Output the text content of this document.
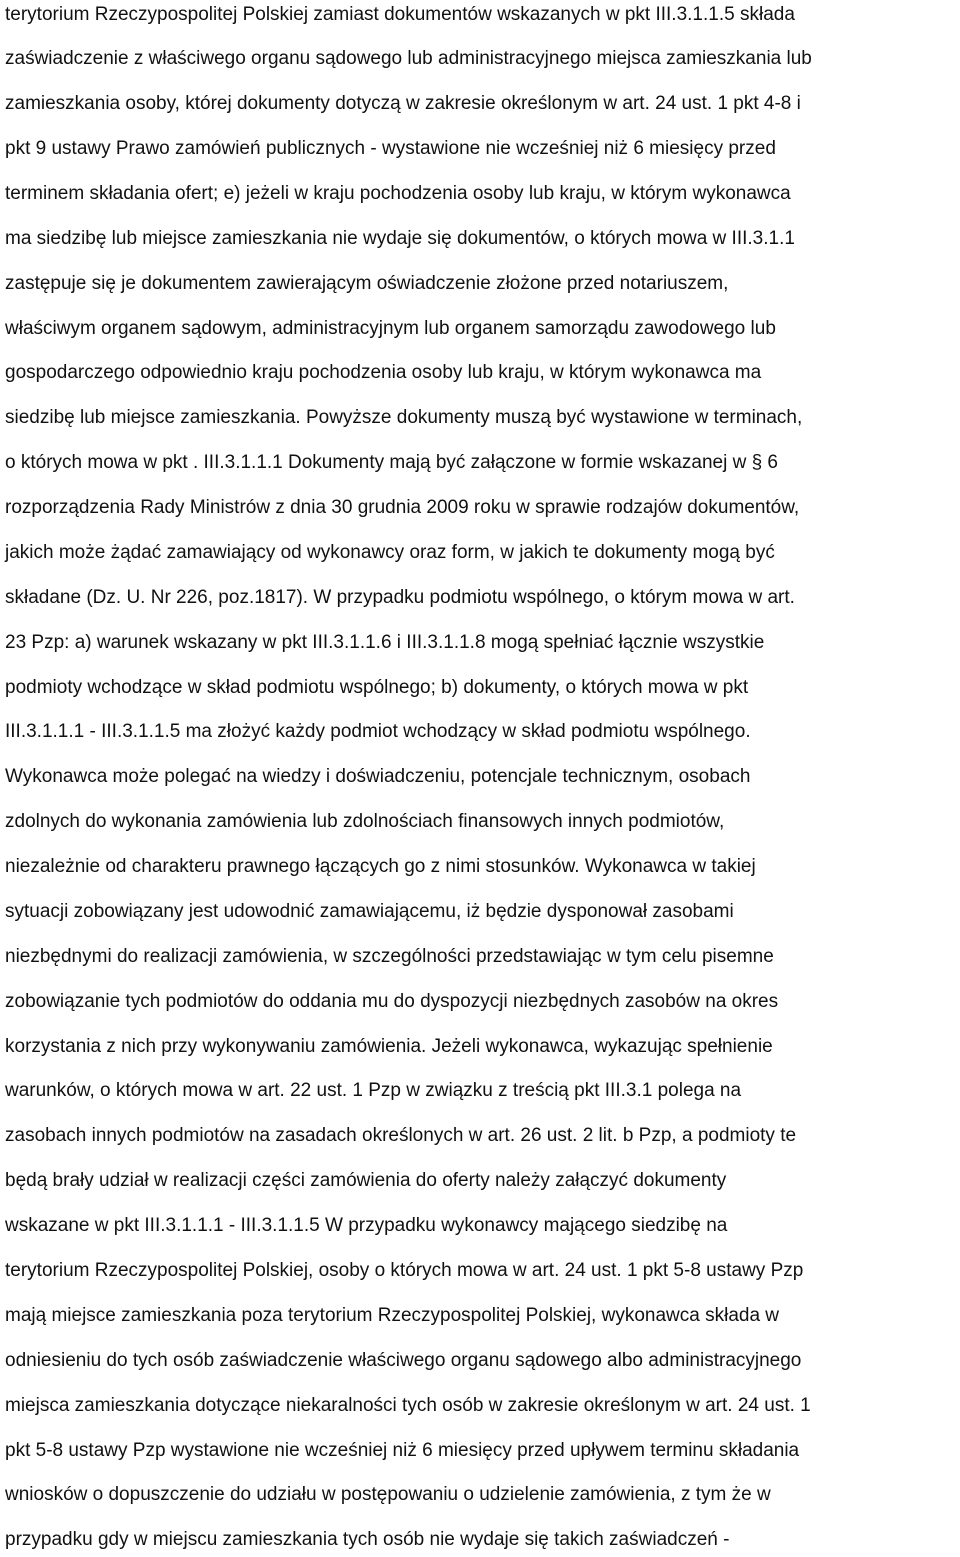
terytorium Rzeczypospolitej Polskiej zamiast dokumentów wskazanych w pkt III.3.1.1.5 składa
zaświadczenie z właściwego organu sądowego lub administracyjnego miejsca zamieszkania lub
zamieszkania osoby, której dokumenty dotyczą w zakresie określonym w art. 24 ust. 1 pkt 4-8 i
pkt 9 ustawy Prawo zamówień publicznych - wystawione nie wcześniej niż 6 miesięcy przed
terminem składania ofert; e) jeżeli w kraju pochodzenia osoby lub kraju, w którym wykonawca
ma siedzibę lub miejsce zamieszkania nie wydaje się dokumentów, o których mowa w III.3.1.1
zastępuje się je dokumentem zawierającym oświadczenie złożone przed notariuszem,
właściwym organem sądowym, administracyjnym lub organem samorządu zawodowego lub
gospodarczego odpowiednio kraju pochodzenia osoby lub kraju, w którym wykonawca ma
siedzibę lub miejsce zamieszkania. Powyższe dokumenty muszą być wystawione w terminach,
o których mowa w pkt . III.3.1.1.1 Dokumenty mają być załączone w formie wskazanej w § 6
rozporządzenia Rady Ministrów z dnia 30 grudnia 2009 roku w sprawie rodzajów dokumentów,
jakich może żądać zamawiający od wykonawcy oraz form, w jakich te dokumenty mogą być
składane (Dz. U. Nr 226, poz.1817). W przypadku podmiotu wspólnego, o którym mowa w art.
23 Pzp: a) warunek wskazany w pkt III.3.1.1.6 i III.3.1.1.8 mogą spełniać łącznie wszystkie
podmioty wchodzące w skład podmiotu wspólnego; b) dokumenty, o których mowa w pkt
III.3.1.1.1 - III.3.1.1.5 ma złożyć każdy podmiot wchodzący w skład podmiotu wspólnego.
Wykonawca może polegać na wiedzy i doświadczeniu, potencjale technicznym, osobach
zdolnych do wykonania zamówienia lub zdolnościach finansowych innych podmiotów,
niezależnie od charakteru prawnego łączących go z nimi stosunków. Wykonawca w takiej
sytuacji zobowiązany jest udowodnić zamawiającemu, iż będzie dysponował zasobami
niezbędnymi do realizacji zamówienia, w szczególności przedstawiając w tym celu pisemne
zobowiązanie tych podmiotów do oddania mu do dyspozycji niezbędnych zasobów na okres
korzystania z nich przy wykonywaniu zamówienia. Jeżeli wykonawca, wykazując spełnienie
warunków, o których mowa w art. 22 ust. 1 Pzp w związku z treścią pkt III.3.1 polega na
zasobach innych podmiotów na zasadach określonych w art. 26 ust. 2 lit. b Pzp, a podmioty te
będą brały udział w realizacji części zamówienia do oferty należy załączyć dokumenty
wskazane w pkt III.3.1.1.1 - III.3.1.1.5 W przypadku wykonawcy mającego siedzibę na
terytorium Rzeczypospolitej Polskiej, osoby o których mowa w art. 24 ust. 1 pkt 5-8 ustawy Pzp
mają miejsce zamieszkania poza terytorium Rzeczypospolitej Polskiej, wykonawca składa w
odniesieniu do tych osób zaświadczenie właściwego organu sądowego albo administracyjnego
miejsca zamieszkania dotyczące niekaralności tych osób w zakresie określonym w art. 24 ust. 1
pkt 5-8 ustawy Pzp wystawione nie wcześniej niż 6 miesięcy przed upływem terminu składania
wniosków o dopuszczenie do udziału w postępowaniu o udzielenie zamówienia, z tym że w
przypadku gdy w miejscu zamieszkania tych osób nie wydaje się takich zaświadczeń -
